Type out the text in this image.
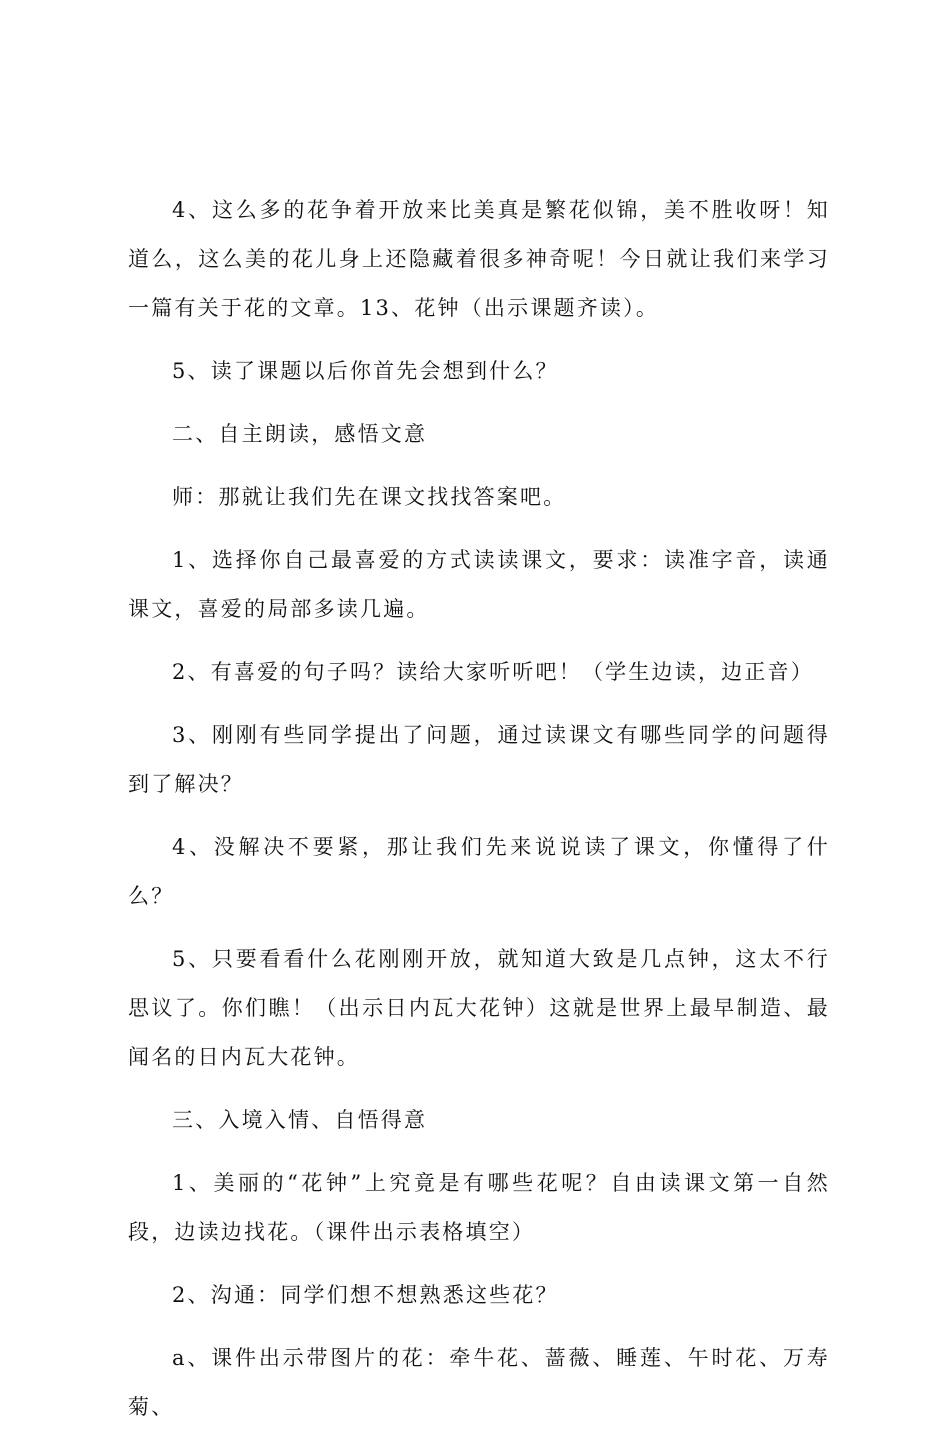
4、这么多的花争着开放来比美真是繁花似锦，美不胜收呀！知道么，这么美的花儿身上还隐藏着很多神奇呢！今日就让我们来学习一篇有关于花的文章。13、花钟（出示课题齐读）。

5、读了课题以后你首先会想到什么？

二、自主朗读，感悟文意

师：那就让我们先在课文找找答案吧。

1、选择你自己最喜爱的方式读读课文，要求：读准字音，读通课文，喜爱的局部多读几遍。

2、有喜爱的句子吗？读给大家听听吧！（学生边读，边正音）

3、刚刚有些同学提出了问题，通过读课文有哪些同学的问题得到了解决？

4、没解决不要紧，那让我们先来说说读了课文，你懂得了什么？

5、只要看看什么花刚刚开放，就知道大致是几点钟，这太不行思议了。你们瞧！（出示日内瓦大花钟）这就是世界上最早制造、最闻名的日内瓦大花钟。

三、入境入情、自悟得意

1、美丽的“花钟”上究竟是有哪些花呢？自由读课文第一自然段，边读边找花。（课件出示表格填空）

2、沟通：同学们想不想熟悉这些花？

a、课件出示带图片的花：牵牛花、蔷薇、睡莲、午时花、万寿菊、
